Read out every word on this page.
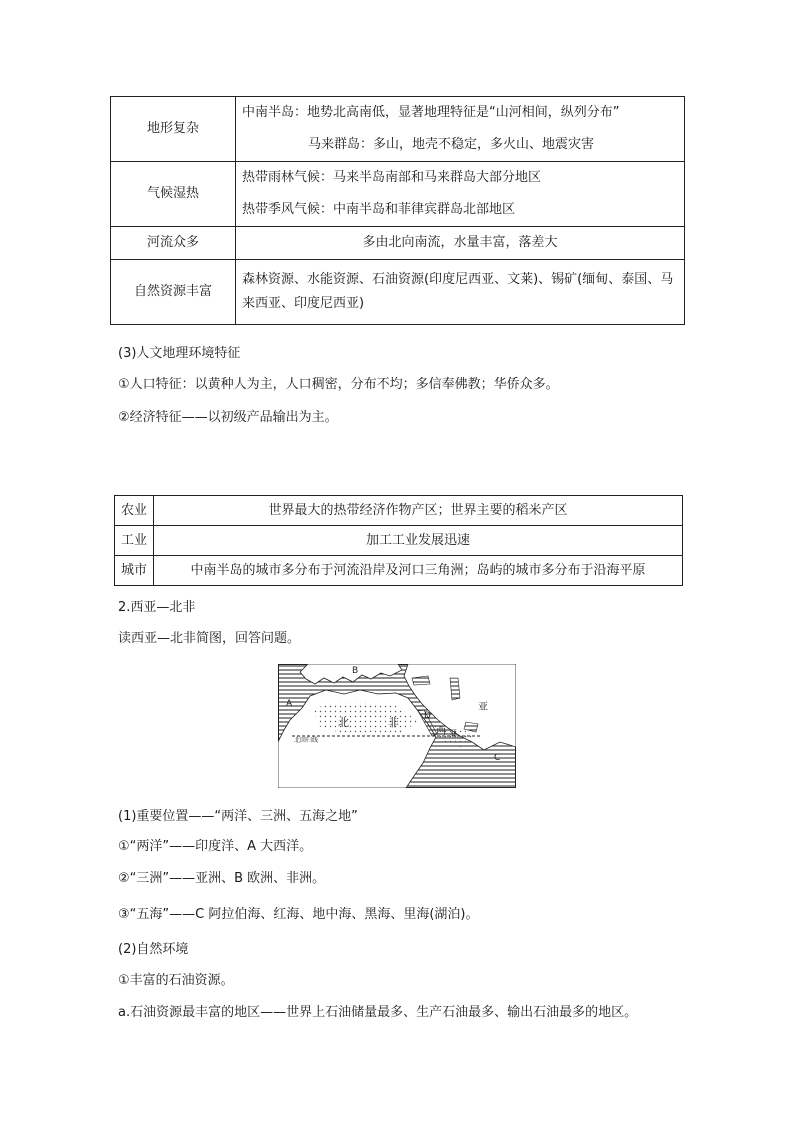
地形复杂	中南半岛：地势北高南低，显著地理特征是“山河相间，纵列分布”
马来群岛：多山，地壳不稳定，多火山、地震灾害

气候湿热	热带雨林气候：马来半岛南部和马来群岛大部分地区
热带季风气候：中南半岛和菲律宾群岛北部地区

河流众多	多由北向南流，水量丰富，落差大

自然资源丰富	森林资源、水能资源、石油资源(印度尼西亚、文莱)、锡矿(缅甸、泰国、马来西亚、印度尼西亚)
(3)人文地理环境特征
①人口特征：以黄种人为主，人口稠密，分布不均；多信奉佛教；华侨众多。
②经济特征——以初级产品输出为主。
农业	世界最大的热带经济作物产区；世界主要的稻米产区
工业	加工工业发展迅速
城市	中南半岛的城市多分布于河流沿岸及河口三角洲；岛屿的城市多分布于沿海平原
2.西亚—北非
读西亚—北非简图，回答问题。
A
B
C
D
北	非
西 亚
亚
北回归线
(1)重要位置——“两洋、三洲、五海之地”
①“两洋”——印度洋、A 大西洋。
②“三洲”——亚洲、B 欧洲、非洲。
③“五海”——C 阿拉伯海、红海、地中海、黑海、里海(湖泊)。
(2)自然环境
①丰富的石油资源。
a.石油资源最丰富的地区——世界上石油储量最多、生产石油最多、输出石油最多的地区。
